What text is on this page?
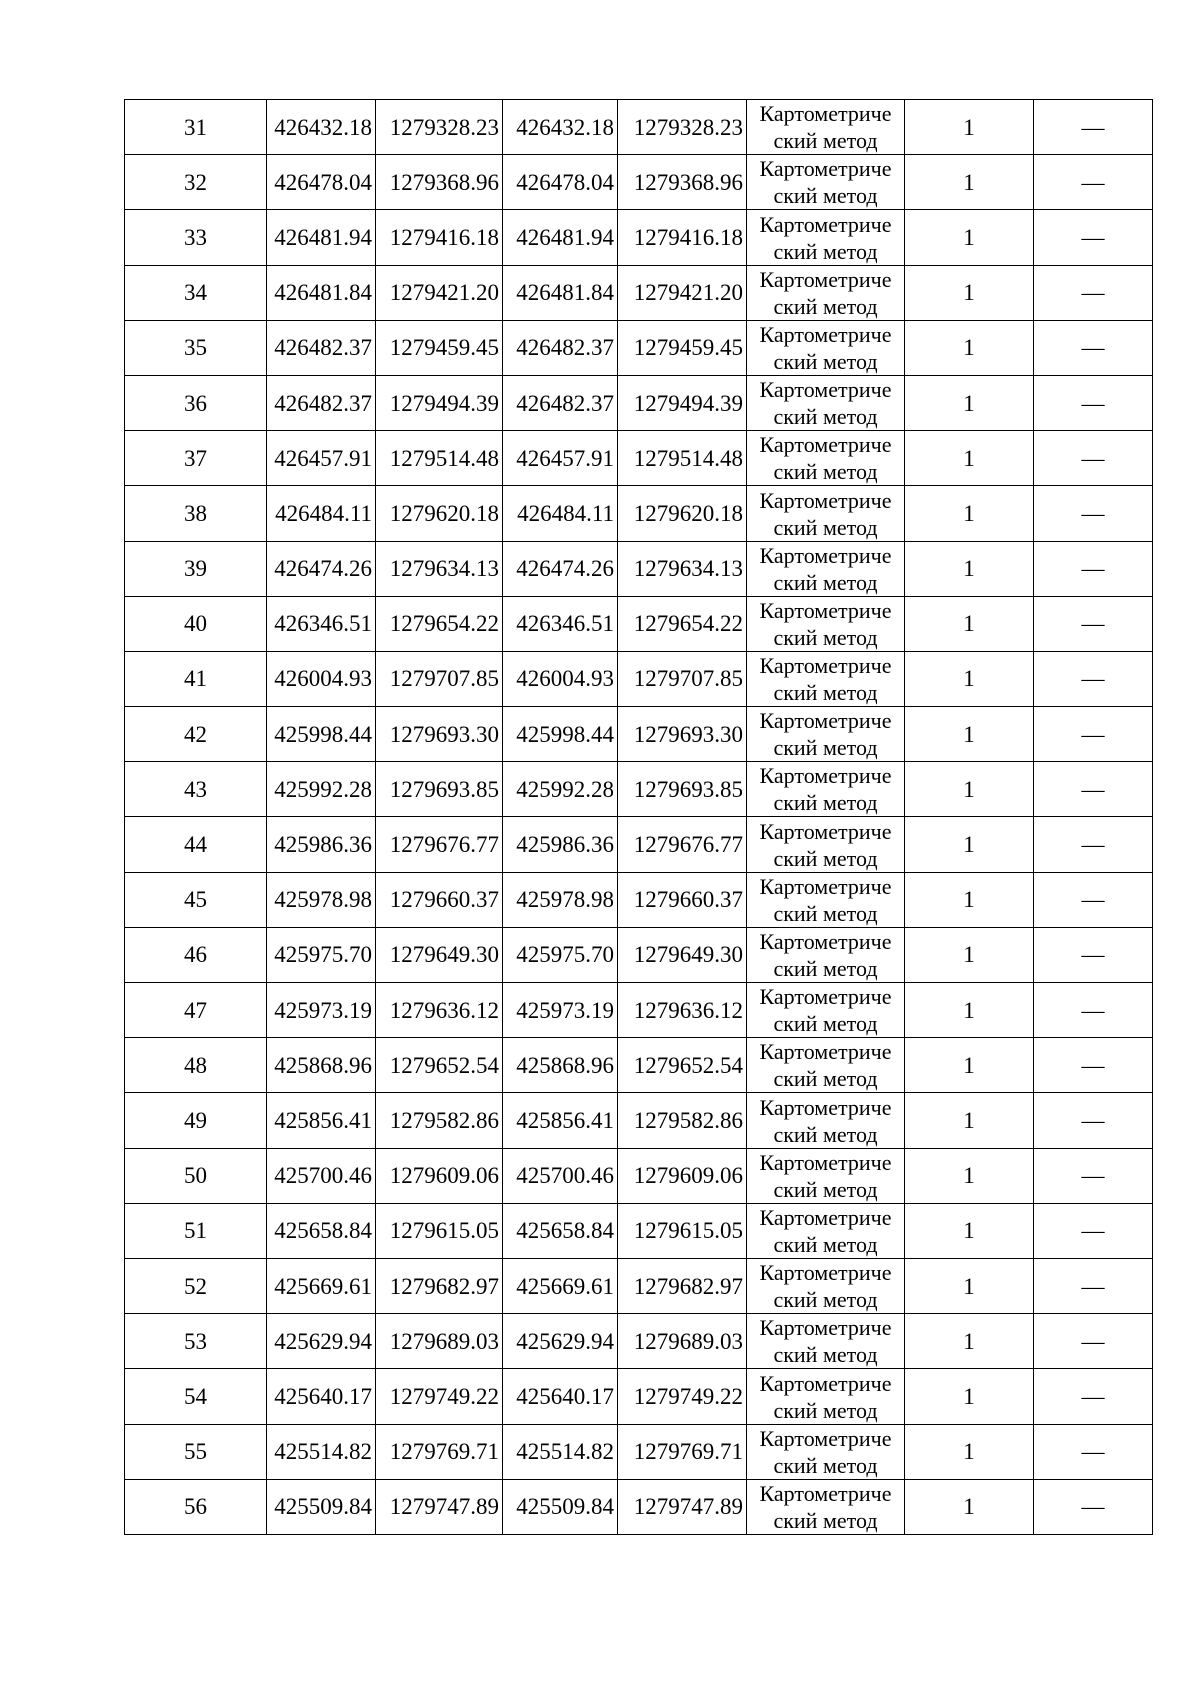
31	426432.18	1279328.23	426432.18	1279328.23	Картометриче
ский метод	1	—
32	426478.04	1279368.96	426478.04	1279368.96	Картометриче
ский метод	1	—
33	426481.94	1279416.18	426481.94	1279416.18	Картометриче
ский метод	1	—
34	426481.84	1279421.20	426481.84	1279421.20	Картометриче
ский метод	1	—
35	426482.37	1279459.45	426482.37	1279459.45	Картометриче
ский метод	1	—
36	426482.37	1279494.39	426482.37	1279494.39	Картометриче
ский метод	1	—
37	426457.91	1279514.48	426457.91	1279514.48	Картометриче
ский метод	1	—
38	426484.11	1279620.18	426484.11	1279620.18	Картометриче
ский метод	1	—
39	426474.26	1279634.13	426474.26	1279634.13	Картометриче
ский метод	1	—
40	426346.51	1279654.22	426346.51	1279654.22	Картометриче
ский метод	1	—
41	426004.93	1279707.85	426004.93	1279707.85	Картометриче
ский метод	1	—
42	425998.44	1279693.30	425998.44	1279693.30	Картометриче
ский метод	1	—
43	425992.28	1279693.85	425992.28	1279693.85	Картометриче
ский метод	1	—
44	425986.36	1279676.77	425986.36	1279676.77	Картометриче
ский метод	1	—
45	425978.98	1279660.37	425978.98	1279660.37	Картометриче
ский метод	1	—
46	425975.70	1279649.30	425975.70	1279649.30	Картометриче
ский метод	1	—
47	425973.19	1279636.12	425973.19	1279636.12	Картометриче
ский метод	1	—
48	425868.96	1279652.54	425868.96	1279652.54	Картометриче
ский метод	1	—
49	425856.41	1279582.86	425856.41	1279582.86	Картометриче
ский метод	1	—
50	425700.46	1279609.06	425700.46	1279609.06	Картометриче
ский метод	1	—
51	425658.84	1279615.05	425658.84	1279615.05	Картометриче
ский метод	1	—
52	425669.61	1279682.97	425669.61	1279682.97	Картометриче
ский метод	1	—
53	425629.94	1279689.03	425629.94	1279689.03	Картометриче
ский метод	1	—
54	425640.17	1279749.22	425640.17	1279749.22	Картометриче
ский метод	1	—
55	425514.82	1279769.71	425514.82	1279769.71	Картометриче
ский метод	1	—
56	425509.84	1279747.89	425509.84	1279747.89	Картометриче
ский метод	1	—
